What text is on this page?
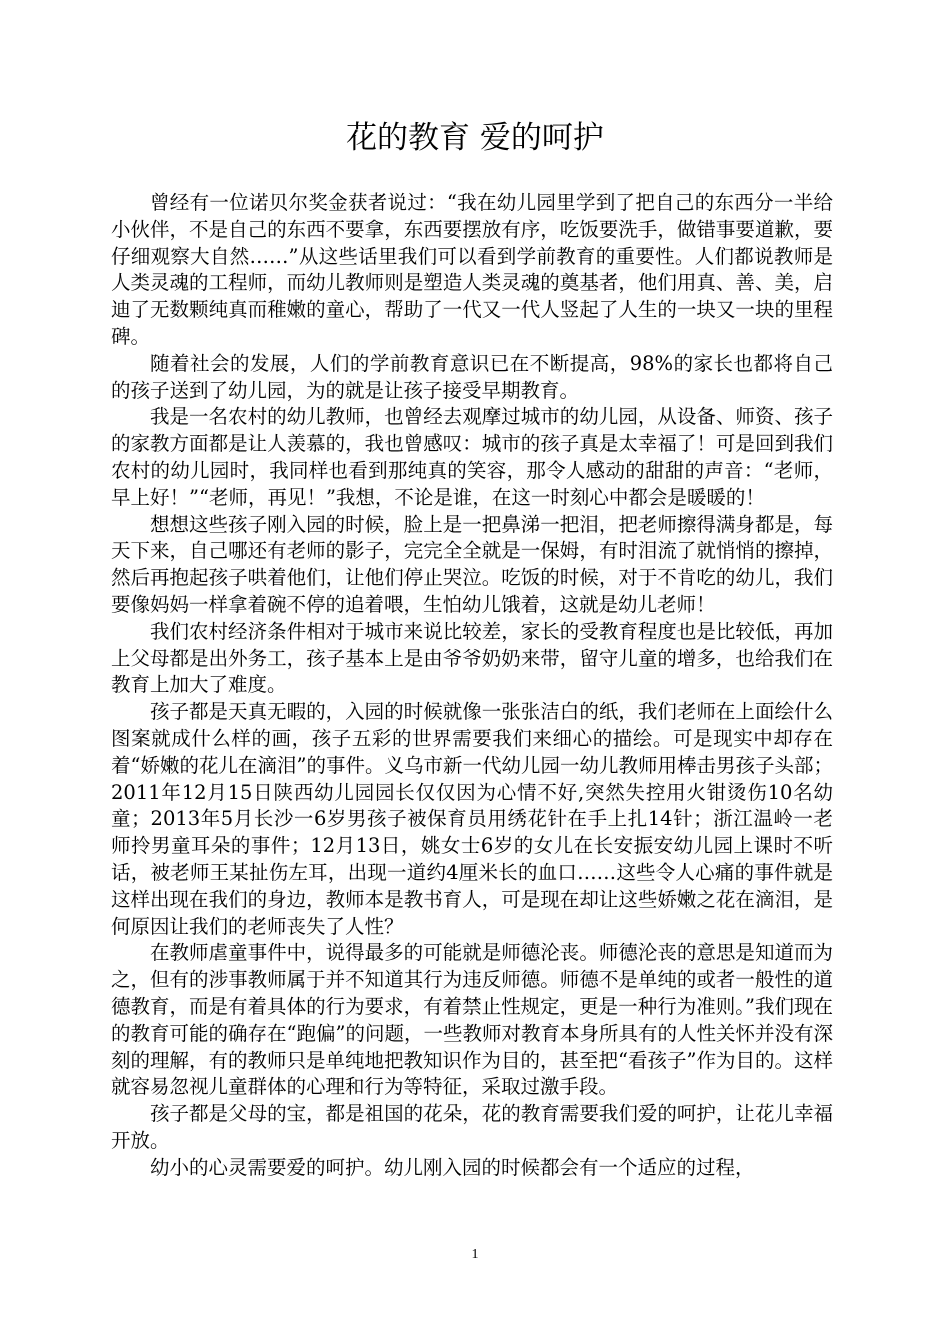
花的教育 爱的呵护

曾经有一位诺贝尔奖金获者说过：“我在幼儿园里学到了把自己的东西分一半给小伙伴，不是自己的东西不要拿，东西要摆放有序，吃饭要洗手，做错事要道歉，要仔细观察大自然……”从这些话里我们可以看到学前教育的重要性。人们都说教师是人类灵魂的工程师，而幼儿教师则是塑造人类灵魂的奠基者，他们用真、善、美，启迪了无数颗纯真而稚嫩的童心，帮助了一代又一代人竖起了人生的一块又一块的里程碑。

随着社会的发展，人们的学前教育意识已在不断提高，98%的家长也都将自己的孩子送到了幼儿园，为的就是让孩子接受早期教育。

我是一名农村的幼儿教师，也曾经去观摩过城市的幼儿园，从设备、师资、孩子的家教方面都是让人羡慕的，我也曾感叹：城市的孩子真是太幸福了！可是回到我们农村的幼儿园时，我同样也看到那纯真的笑容，那令人感动的甜甜的声音：“老师，早上好！”“老师，再见！”我想，不论是谁，在这一时刻心中都会是暖暖的！

想想这些孩子刚入园的时候，脸上是一把鼻涕一把泪，把老师擦得满身都是，每天下来，自己哪还有老师的影子，完完全全就是一保姆，有时泪流了就悄悄的擦掉，然后再抱起孩子哄着他们，让他们停止哭泣。吃饭的时候，对于不肯吃的幼儿，我们要像妈妈一样拿着碗不停的追着喂，生怕幼儿饿着，这就是幼儿老师！

我们农村经济条件相对于城市来说比较差，家长的受教育程度也是比较低，再加上父母都是出外务工，孩子基本上是由爷爷奶奶来带，留守儿童的增多，也给我们在教育上加大了难度。

孩子都是天真无暇的，入园的时候就像一张张洁白的纸，我们老师在上面绘什么图案就成什么样的画，孩子五彩的世界需要我们来细心的描绘。可是现实中却存在着“娇嫩的花儿在滴泪”的事件。义乌市新一代幼儿园一幼儿教师用棒击男孩子头部；2011年12月15日陕西幼儿园园长仅仅因为心情不好,突然失控用火钳烫伤10名幼童；2013年5月长沙一6岁男孩子被保育员用绣花针在手上扎14针；浙江温岭一老师拎男童耳朵的事件；12月13日，姚女士6岁的女儿在长安振安幼儿园上课时不听话，被老师王某扯伤左耳，出现一道约4厘米长的血口……这些令人心痛的事件就是这样出现在我们的身边，教师本是教书育人，可是现在却让这些娇嫩之花在滴泪，是何原因让我们的老师丧失了人性？

在教师虐童事件中，说得最多的可能就是师德沦丧。师德沦丧的意思是知道而为之，但有的涉事教师属于并不知道其行为违反师德。师德不是单纯的或者一般性的道德教育，而是有着具体的行为要求，有着禁止性规定，更是一种行为准则。”我们现在的教育可能的确存在“跑偏”的问题，一些教师对教育本身所具有的人性关怀并没有深刻的理解，有的教师只是单纯地把教知识作为目的，甚至把“看孩子”作为目的。这样就容易忽视儿童群体的心理和行为等特征，采取过激手段。

孩子都是父母的宝，都是祖国的花朵，花的教育需要我们爱的呵护，让花儿幸福开放。

幼小的心灵需要爱的呵护。幼儿刚入园的时候都会有一个适应的过程，

1
